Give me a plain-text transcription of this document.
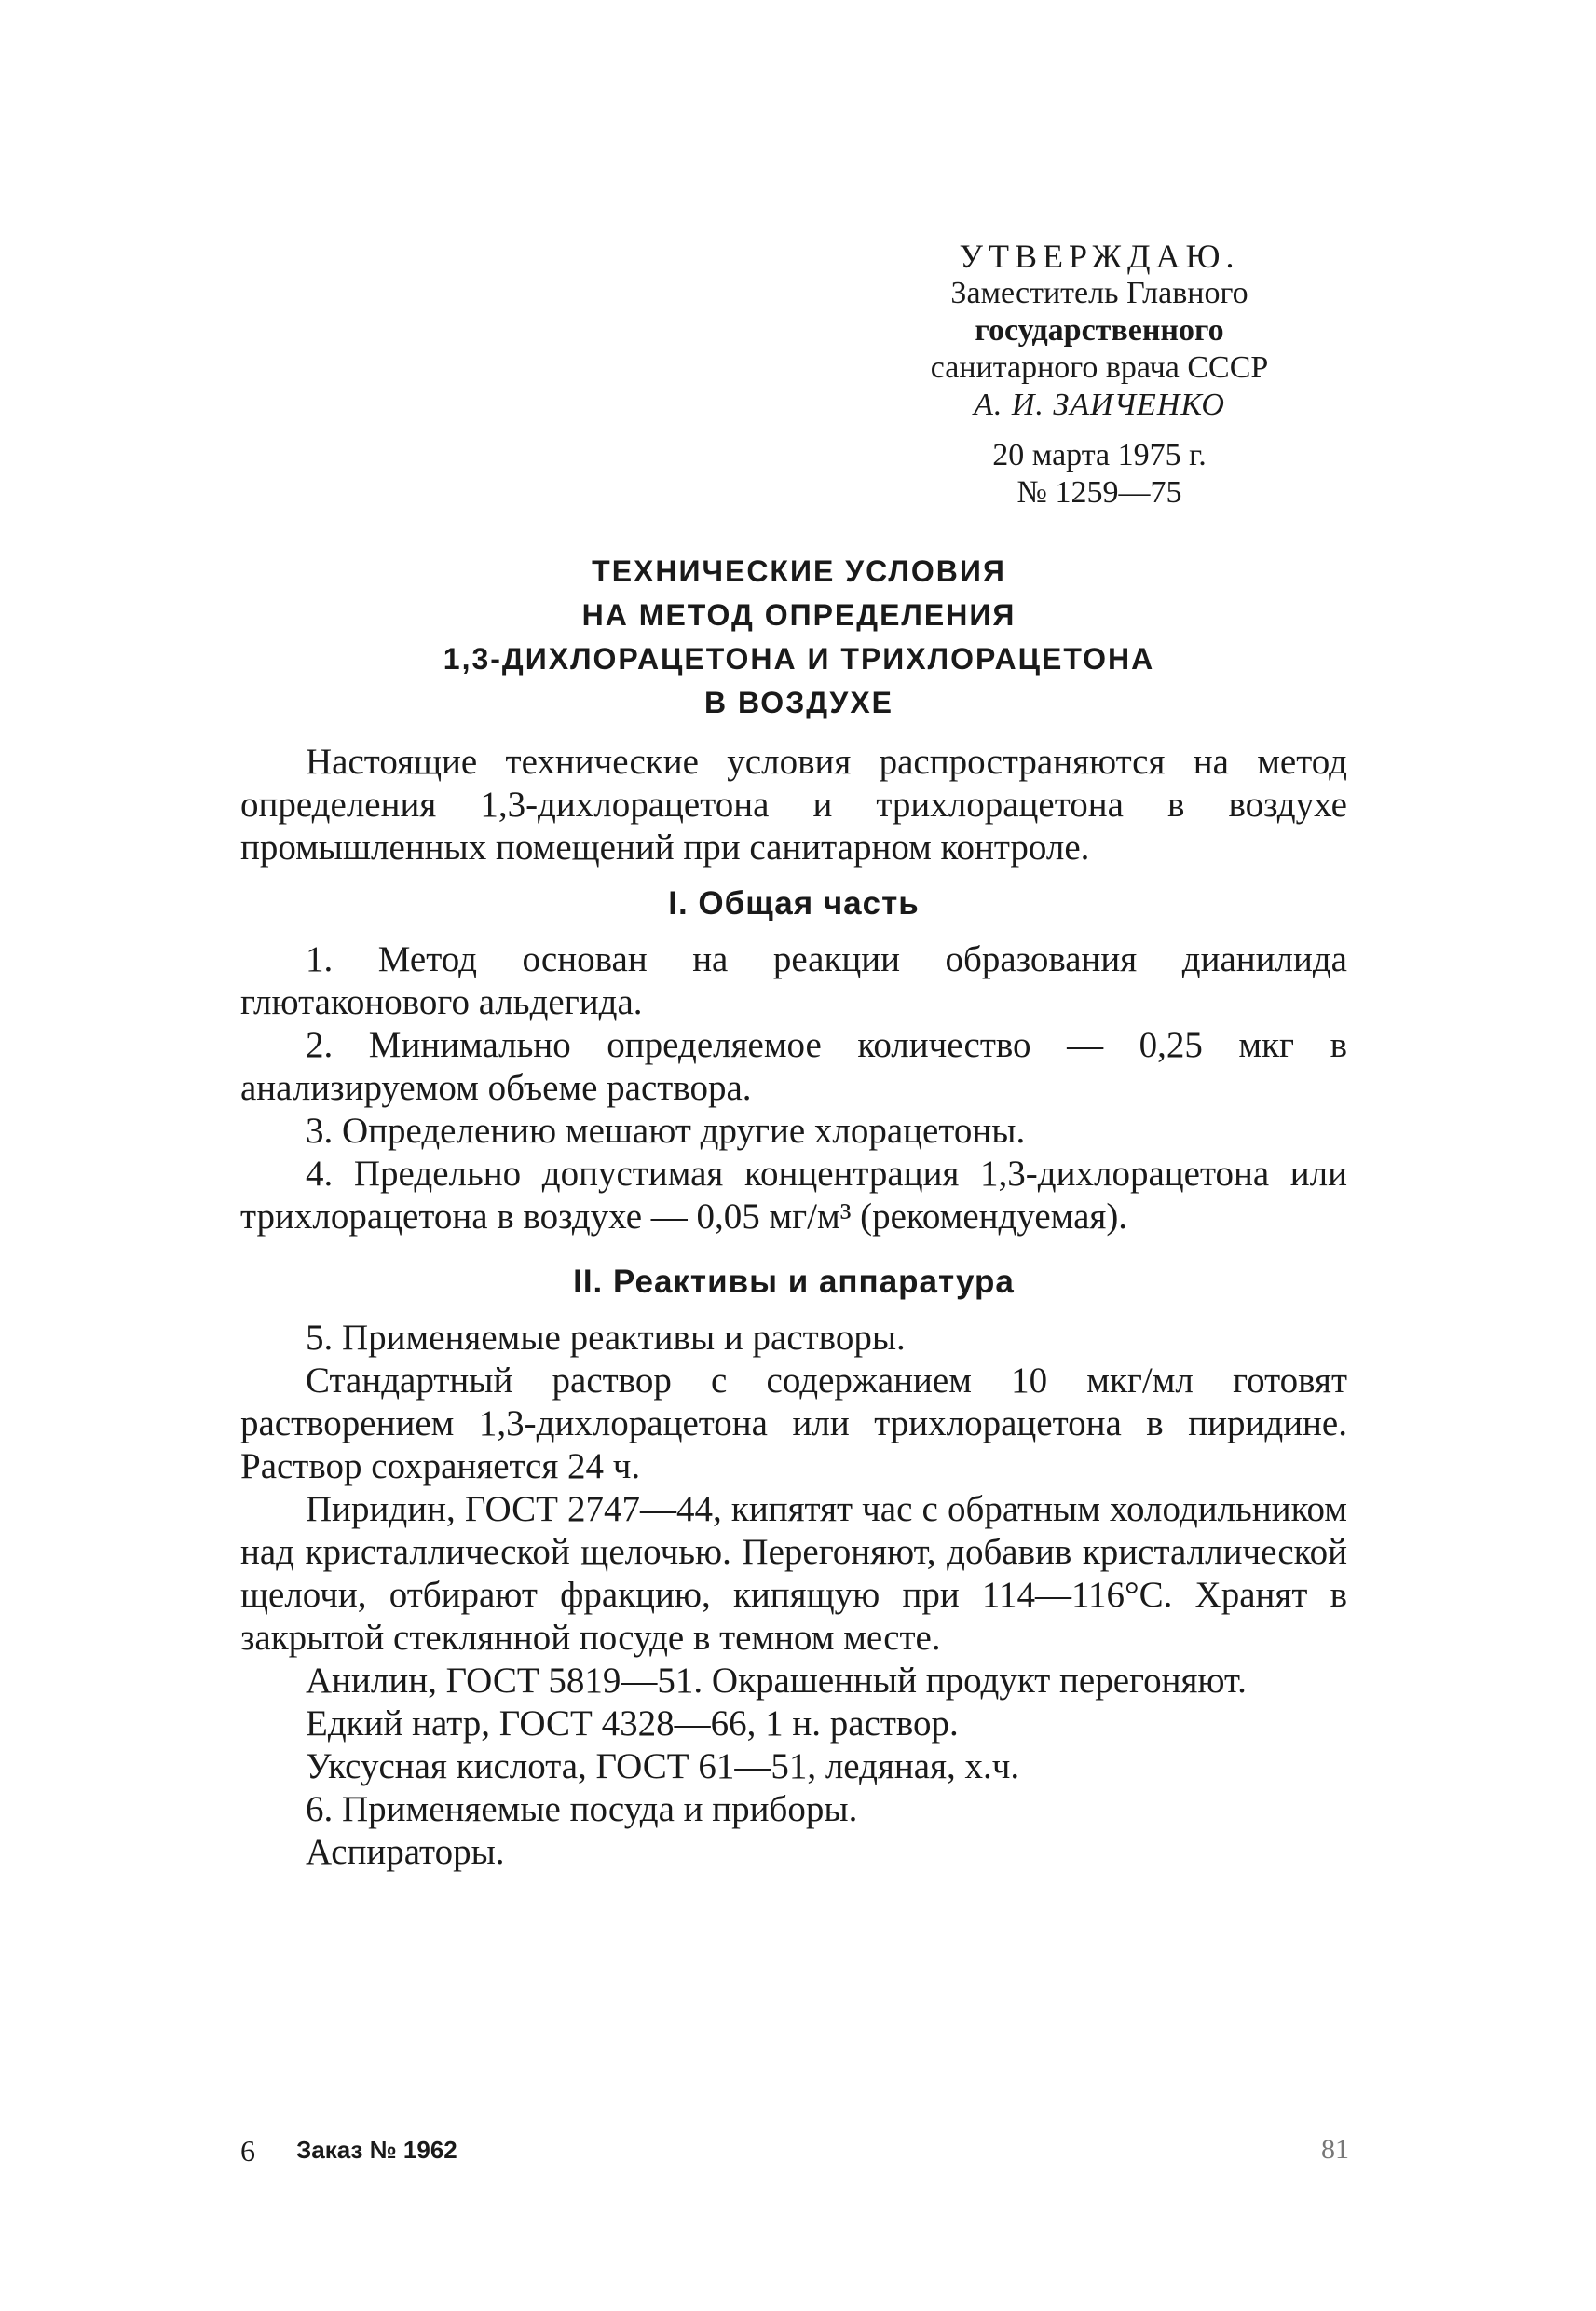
УТВЕРЖДАЮ.
Заместитель Главного
государственного
санитарного врача СССР
А. И. ЗАИЧЕНКО
20 марта 1975 г.
№ 1259—75
ТЕХНИЧЕСКИЕ УСЛОВИЯ
НА МЕТОД ОПРЕДЕЛЕНИЯ
1,3-ДИХЛОРАЦЕТОНА И ТРИХЛОРАЦЕТОНА
В ВОЗДУХЕ

Настоящие технические условия распространяются на метод определения 1,3-дихлорацетона и трихлорацетона в воздухе промышленных помещений при санитарном контроле.

I. Общая часть

1. Метод основан на реакции образования дианилида глютаконового альдегида.

2. Минимально определяемое количество — 0,25 мкг в анализируемом объеме раствора.

3. Определению мешают другие хлорацетоны.

4. Предельно допустимая концентрация 1,3-дихлорацетона или трихлорацетона в воздухе — 0,05 мг/м³ (рекомендуемая).

II. Реактивы и аппаратура

5. Применяемые реактивы и растворы.

Стандартный раствор с содержанием 10 мкг/мл готовят растворением 1,3-дихлорацетона или трихлорацетона в пиридине. Раствор сохраняется 24 ч.

Пиридин, ГОСТ 2747—44, кипятят час с обратным холодильником над кристаллической щелочью. Перегоняют, добавив кристаллической щелочи, отбирают фракцию, кипящую при 114—116°С. Хранят в закрытой стеклянной посуде в темном месте.

Анилин, ГОСТ 5819—51. Окрашенный продукт перегоняют.

Едкий натр, ГОСТ 4328—66, 1 н. раствор.

Уксусная кислота, ГОСТ 61—51, ледяная, х.ч.

6. Применяемые посуда и приборы.

Аспираторы.

6 Заказ № 1962	81
